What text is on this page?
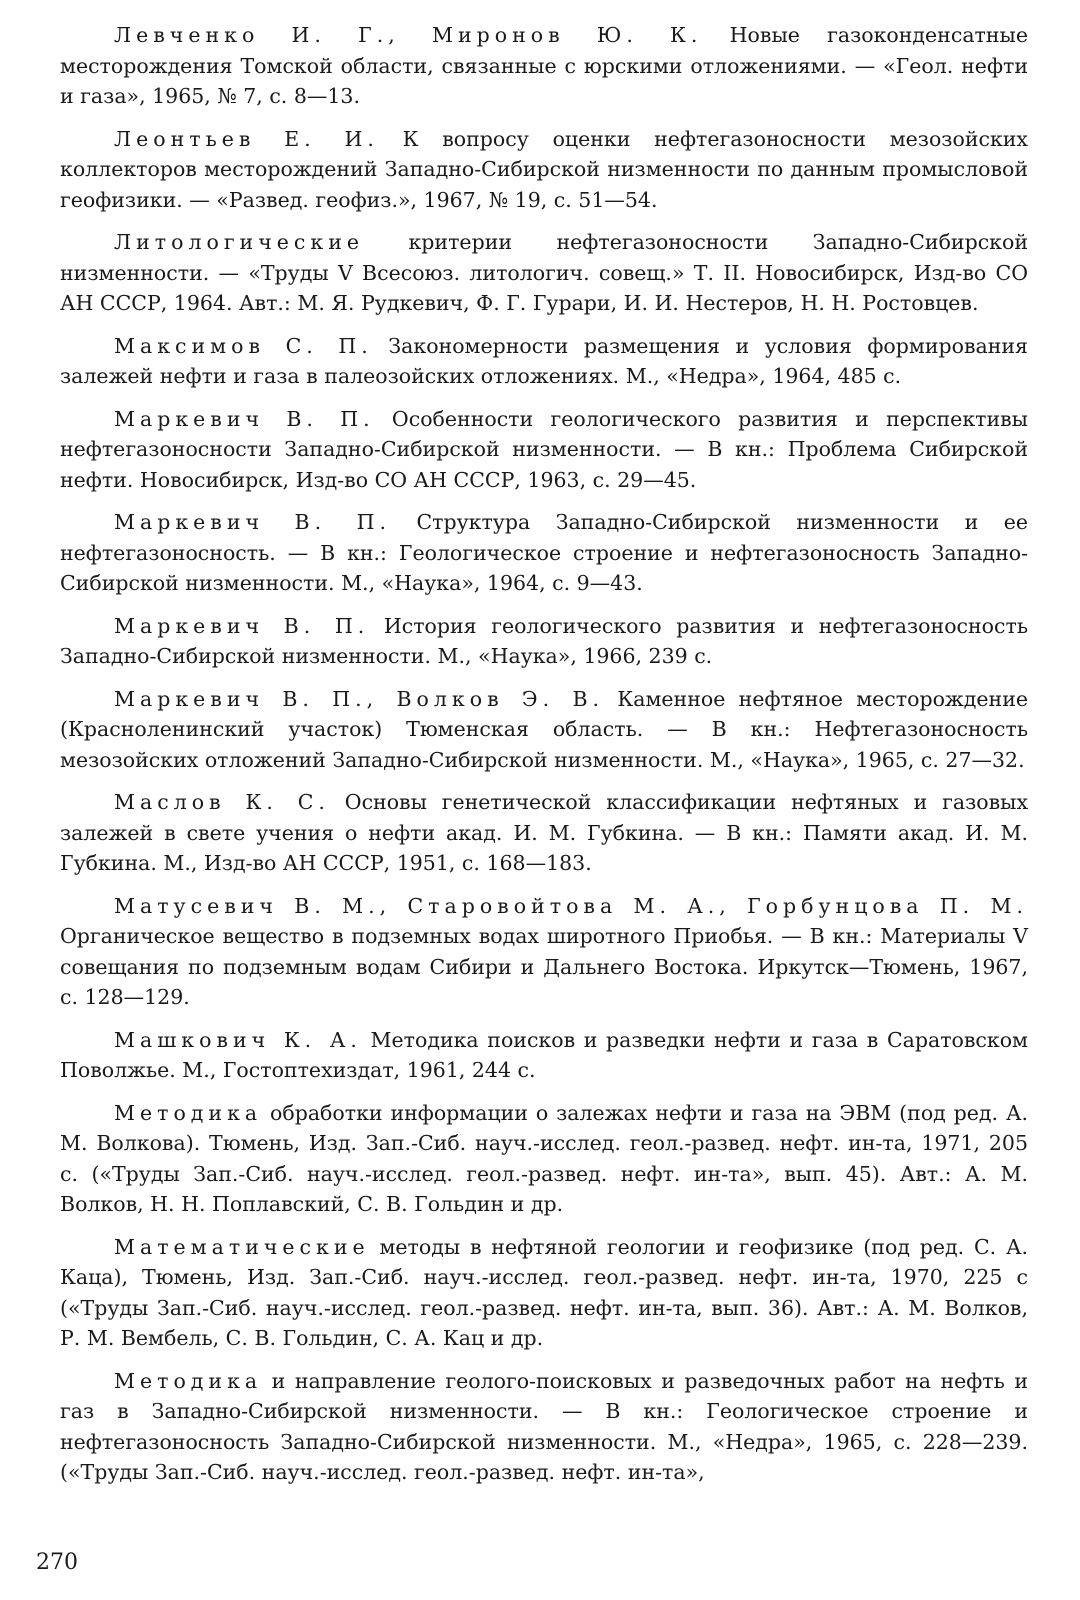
Левченко И. Г., Миронов Ю. К. Новые газоконденсатные месторождения Томской области, связанные с юрскими отложениями. — «Геол. нефти и газа», 1965, № 7, с. 8—13.

Леонтьев Е. И. К вопросу оценки нефтегазоносности мезозойских коллекторов месторождений Западно-Сибирской низменности по данным промысловой геофизики. — «Развед. геофиз.», 1967, № 19, с. 51—54.

Литологические критерии нефтегазоносности Западно-Сибирской низменности. — «Труды V Всесоюз. литологич. совещ.» Т. II. Новосибирск, Изд-во СО АН СССР, 1964. Авт.: М. Я. Рудкевич, Ф. Г. Гурари, И. И. Нестеров, Н. Н. Ростовцев.

Максимов С. П. Закономерности размещения и условия формирования залежей нефти и газа в палеозойских отложениях. М., «Недра», 1964, 485 с.

Маркевич В. П. Особенности геологического развития и перспективы нефтегазоносности Западно-Сибирской низменности. — В кн.: Проблема Сибирской нефти. Новосибирск, Изд-во СО АН СССР, 1963, с. 29—45.

Маркевич В. П. Структура Западно-Сибирской низменности и ее нефтегазоносность. — В кн.: Геологическое строение и нефтегазоносность Западно-Сибирской низменности. М., «Наука», 1964, с. 9—43.

Маркевич В. П. История геологического развития и нефтегазоносность Западно-Сибирской низменности. М., «Наука», 1966, 239 с.

Маркевич В. П., Волков Э. В. Каменное нефтяное месторождение (Красноленинский участок) Тюменская область. — В кн.: Нефтегазоносность мезозойских отложений Западно-Сибирской низменности. М., «Наука», 1965, с. 27—32.

Маслов К. С. Основы генетической классификации нефтяных и газовых залежей в свете учения о нефти акад. И. М. Губкина. — В кн.: Памяти акад. И. М. Губкина. М., Изд-во АН СССР, 1951, с. 168—183.

Матусевич В. М., Старовойтова М. А., Горбунцова П. М. Органическое вещество в подземных водах широтного Приобья. — В кн.: Материалы V совещания по подземным водам Сибири и Дальнего Востока. Иркутск—Тюмень, 1967, с. 128—129.

Машкович К. А. Методика поисков и разведки нефти и газа в Саратовском Поволжье. М., Гостоптехиздат, 1961, 244 с.

Методика обработки информации о залежах нефти и газа на ЭВМ (под ред. А. М. Волкова). Тюмень, Изд. Зап.-Сиб. науч.-исслед. геол.-развед. нефт. ин-та, 1971, 205 с. («Труды Зап.-Сиб. науч.-исслед. геол.-развед. нефт. ин-та», вып. 45). Авт.: А. М. Волков, Н. Н. Поплавский, С. В. Гольдин и др.

Математические методы в нефтяной геологии и геофизике (под ред. С. А. Каца), Тюмень, Изд. Зап.-Сиб. науч.-исслед. геол.-развед. нефт. ин-та, 1970, 225 с («Труды Зап.-Сиб. науч.-исслед. геол.-развед. нефт. ин-та, вып. 36). Авт.: А. М. Волков, Р. М. Вембель, С. В. Гольдин, С. А. Кац и др.

Методика и направление геолого-поисковых и разведочных работ на нефть и газ в Западно-Сибирской низменности. — В кн.: Геологическое строение и нефтегазоносность Западно-Сибирской низменности. М., «Недра», 1965, с. 228—239. («Труды Зап.-Сиб. науч.-исслед. геол.-развед. нефт. ин-та»,

270
